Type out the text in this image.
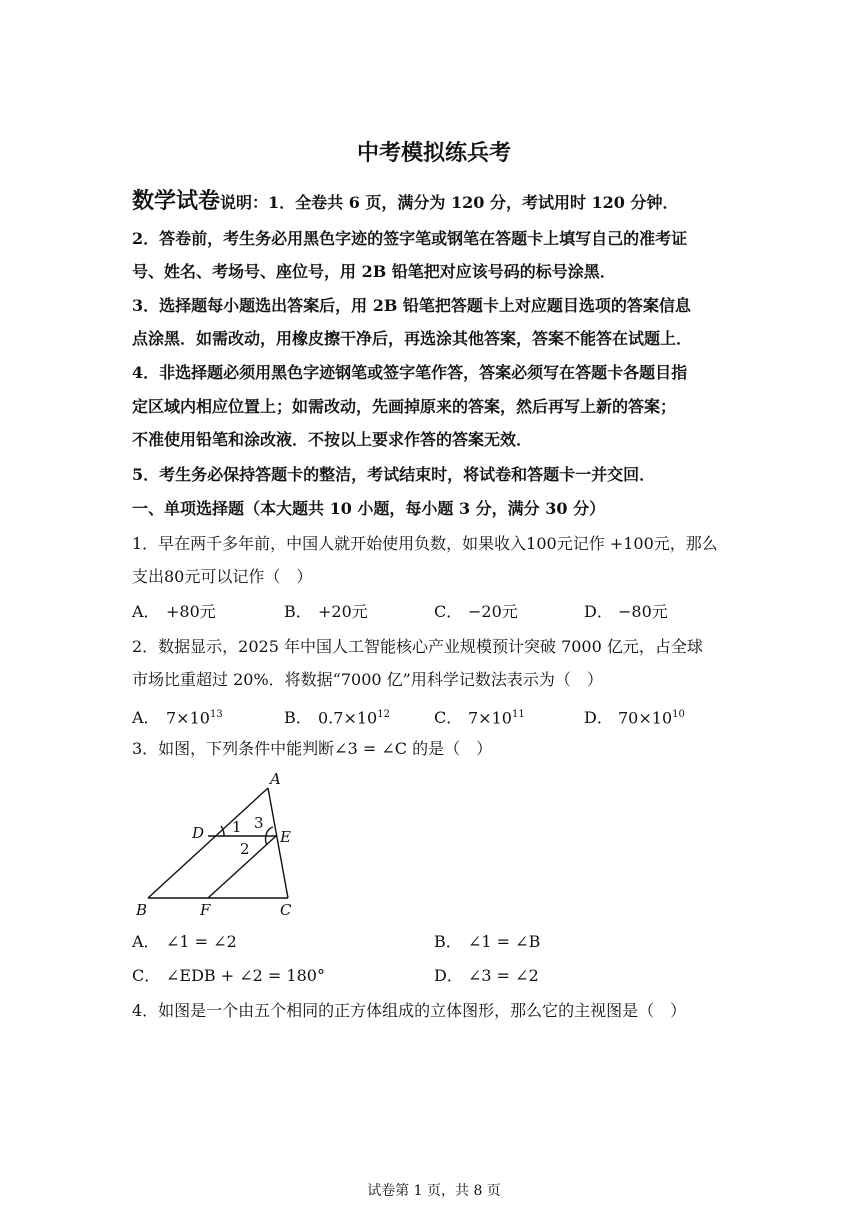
中考模拟练兵考
数学试卷说明：1．全卷共 6 页，满分为 120 分，考试用时 120 分钟．
2．答卷前，考生务必用黑色字迹的签字笔或钢笔在答题卡上填写自己的准考证
号、姓名、考场号、座位号，用 2B 铅笔把对应该号码的标号涂黑．
3．选择题每小题选出答案后，用 2B 铅笔把答题卡上对应题目选项的答案信息
点涂黑．如需改动，用橡皮擦干净后，再选涂其他答案，答案不能答在试题上．
4．非选择题必须用黑色字迹钢笔或签字笔作答，答案必须写在答题卡各题目指
定区域内相应位置上；如需改动，先画掉原来的答案，然后再写上新的答案；
不准使用铅笔和涂改液．不按以上要求作答的答案无效．
5．考生务必保持答题卡的整洁，考试结束时，将试卷和答题卡一并交回．
一、单项选择题（本大题共 10 小题，每小题 3 分，满分 30 分）
1．早在两千多年前，中国人就开始使用负数，如果收入100元记作 +100元，那么
支出80元可以记作（　）
A． +80元	B． +20元	C． −20元	D． −80元
2．数据显示，2025 年中国人工智能核心产业规模预计突破 7000 亿元，占全球
市场比重超过 20%．将数据“7000 亿”用科学记数法表示为（　）
A． $7\times 10^{13}$	B． $0.7\times 10^{12}$	C． $7\times 10^{11}$	D． $70\times 10^{10}$
3．如图，下列条件中能判断∠3 = ∠C 的是（　）
A
B	C
D	E
F
1
2
3
A． ∠1 = ∠2	B． ∠1 = ∠B
C． ∠EDB + ∠2 = 180°	D． ∠3 = ∠2
4．如图是一个由五个相同的正方体组成的立体图形，那么它的主视图是（　）
试卷第 1 页，共 8 页
